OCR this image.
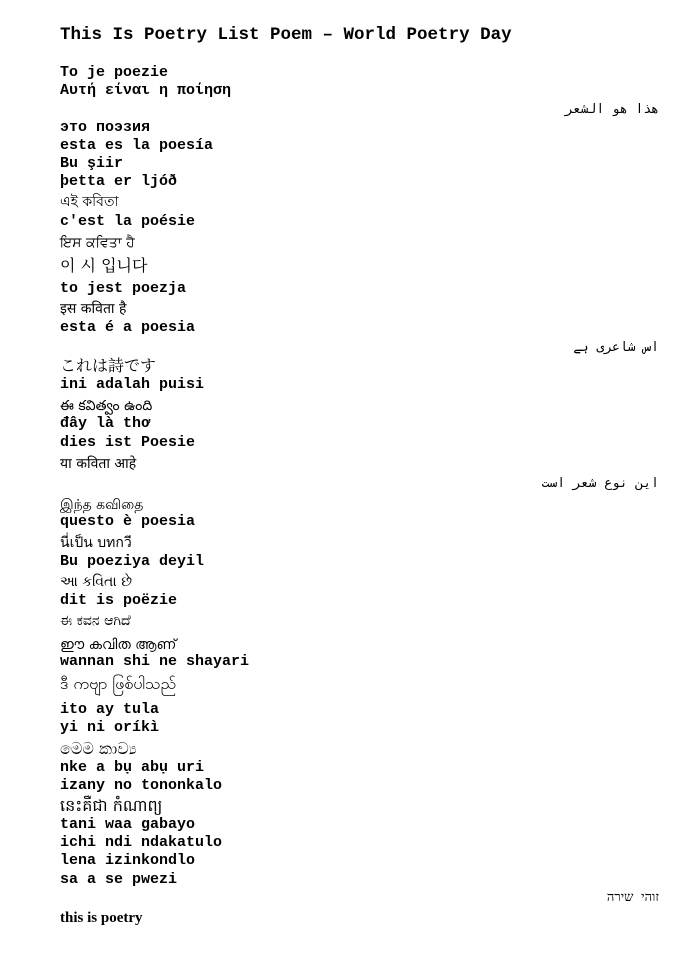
This Is Poetry List Poem – World Poetry Day
To je poezie
Αυτή είναι η ποίηση
هذا هو الشعر
это поэзия
esta es la poesía
Bu şiir
þetta er ljóð
এই কবিতা
c'est la poésie
ਇਸ ਕਵਿਤਾ ਹੈ
이 시 입니다
to jest poezja
इस कविता है
esta é a poesia
اس شاعری ہے
これは詩です
ini adalah puisi
ఈ కవిత్వం ఉంది
đây là thơ
dies ist Poesie
या कविता आहे
این نوع شعر است
இந்த கவிதை
questo è poesia
นี่เป็น บทกวี
Bu poeziya deyil
આ કવિતા છે
dit is poëzie
ಈ ಕವನ ಆಗಿದೆ
ഈ കവിത ആണ്
wannan shi ne shayari
ဒီ ကဗျာ ဖြစ်ပါသည်
ito ay tula
yi ni oríkì
මෙම කාව්‍ය
nke a bụ abụ uri
izany no tononkalo
នេះគឺជា កំណាព្យ
tani waa gabayo
ichi ndi ndakatulo
lena izinkondlo
sa a se pwezi
זוהי שירה
this is poetry
